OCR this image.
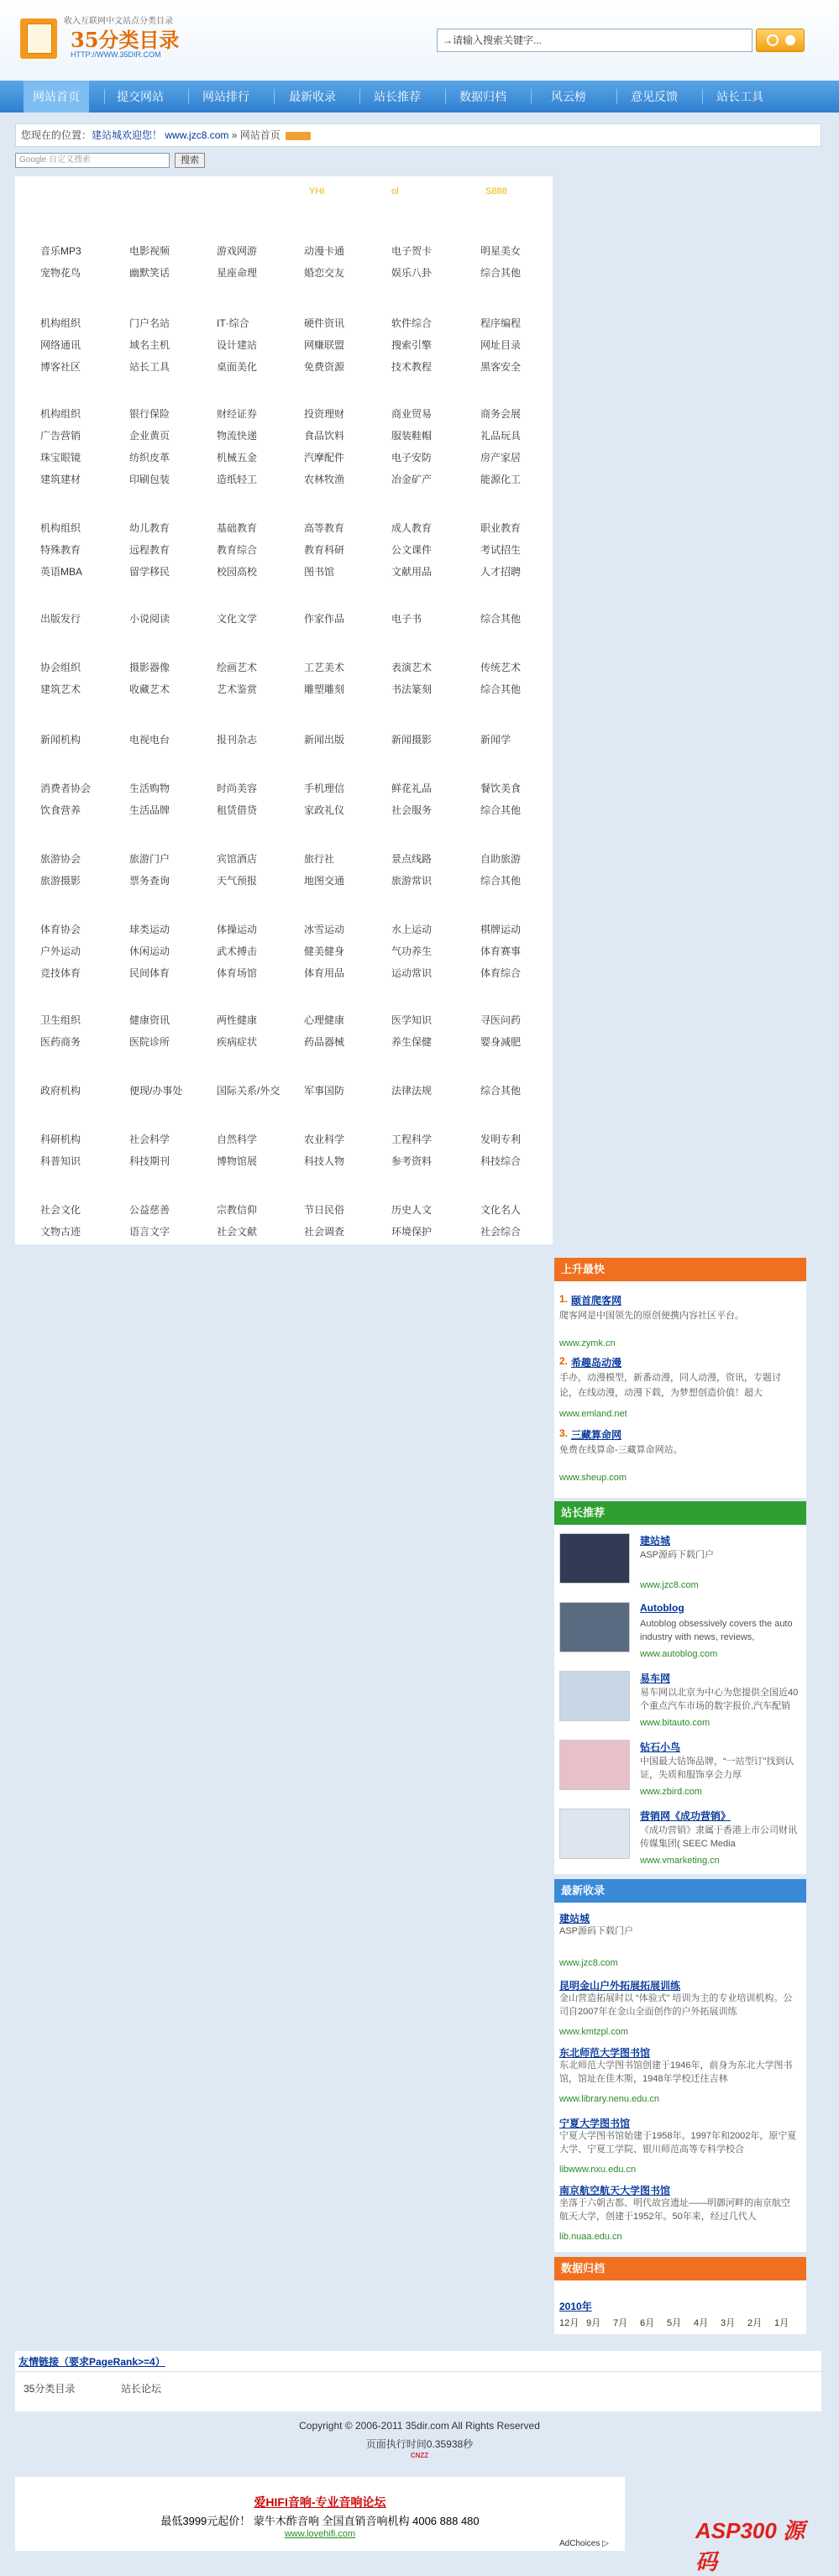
收入互联网中文站点分类目录
35分类目录
HTTP://WWW.35DIR.COM
→请输入搜索关键字...
网站首页	提交网站	网站排行	最新收录	站长推荐	数据归档	风云榜	意见反馈	站长工具
您现在的位置：建站城欢迎您！ www.jzc8.com » 网站首页
Google 自定义搜索	搜索
YHI	ol	S888
音乐MP3	电影视频	游戏网游	动漫卡通	电子贺卡	明星美女
宠物花鸟	幽默笑话	星座命理	婚恋交友	娱乐八卦	综合其他
机构组织	门户名站	IT·综合	硬件资讯	软件综合	程序编程
网络通讯	域名主机	设计建站	网赚联盟	搜索引擎	网址目录
博客社区	站长工具	桌面美化	免费资源	技术教程	黑客安全
机构组织	银行保险	财经证券	投资理财	商业贸易	商务会展
广告营销	企业黄页	物流快递	食品饮料	服装鞋帽	礼品玩具
珠宝眼镜	纺织皮革	机械五金	汽摩配件	电子安防	房产家居
建筑建材	印刷包装	造纸轻工	农林牧渔	冶金矿产	能源化工
机构组织	幼儿教育	基础教育	高等教育	成人教育	职业教育
特殊教育	远程教育	教育综合	教育科研	公文课件	考试招生
英语MBA	留学移民	校园高校	图书馆	文献用品	人才招聘
出版发行	小说阅读	文化文学	作家作品	电子书	综合其他
协会组织	摄影器像	绘画艺术	工艺美术	表演艺术	传统艺术
建筑艺术	收藏艺术	艺术鉴赏	雕塑雕刻	书法篆刻	综合其他
新闻机构	电视电台	报刊杂志	新闻出版	新闻摄影	新闻学
消费者协会	生活购物	时尚美容	手机理信	鲜花礼品	餐饮美食
饮食营养	生活品牌	租赁借贷	家政礼仪	社会服务	综合其他
旅游协会	旅游门户	宾馆酒店	旅行社	景点线路	自助旅游
旅游摄影	票务查询	天气预报	地图交通	旅游常识	综合其他
体育协会	球类运动	体操运动	冰雪运动	水上运动	棋牌运动
户外运动	休闲运动	武术搏击	健美健身	气功养生	体育赛事
竞技体育	民间体育	体育场馆	体育用品	运动常识	体育综合
卫生组织	健康资讯	两性健康	心理健康	医学知识	寻医问药
医药商务	医院诊所	疾病症状	药品器械	养生保健	婴身减肥
政府机构	便现/办事处	国际关系/外交	军事国防	法律法规	综合其他
科研机构	社会科学	自然科学	农业科学	工程科学	发明专利
科普知识	科技期刊	博物馆展	科技人物	参考资料	科技综合
社会文化	公益慈善	宗教信仰	节日民俗	历史人文	文化名人
文物古迹	语言文字	社会文献	社会调查	环境保护	社会综合
上升最快
1. 颐首爬客网
爬客网是中国领先的原创便携内容社区平台。
www.zymk.cn
2. 希趣岛动漫
手办，动漫模型，新番动漫，同人动漫，资讯，专题讨论，在线动漫，动漫下载，为梦想创造价值！超大
www.emland.net
3. 三藏算命网
免费在线算命-三藏算命网站。
www.sheup.com
站长推荐
建站城
ASP源码下载门户
www.jzc8.com
Autoblog
Autoblog obsessively covers the auto industry with news, reviews,
www.autoblog.com
易车网
易车网以北京为中心为您提供全国近40个重点汽车市场的数字报价,汽车配销
www.bitauto.com
钻石小鸟
中国最大钻饰品牌，“一站型订”找到认证，失质和服饰享会力厚
www.zbird.com
营销网《成功营销》
《成功营销》隶属于香港上市公司财讯传媒集团( SEEC Media
www.vmarketing.cn
最新收录
建站城
ASP源码下载门户
www.jzc8.com
昆明金山户外拓展拓展训练
金山营造拓展时以 “体验式” 培训为主的专业培训机构。公司自2007年在金山全面创作的户外拓展训练
www.kmtzpl.com
东北师范大学图书馆
东北师范大学图书馆创建于1946年，前身为东北大学图书馆，馆址在佳木斯，1948年学校迁往吉林
www.library.nenu.edu.cn
宁夏大学图书馆
宁夏大学图书馆始建于1958年。1997年和2002年，原宁夏大学、宁夏工学院、银川师范高等专科学校合
libwww.nxu.edu.cn
南京航空航天大学图书馆
坐落于六朝古都、明代故宫遗址——明御河畔的南京航空航天大学，创建于1952年。50年来，经过几代人
lib.nuaa.edu.cn
数据归档
2010年
12月 9月 7月 6月 5月 4月 3月 2月 1月
友情链接（要求PageRank>=4）
35分类目录	站长论坛
Copyright © 2006-2011 35dir.com All Rights Reserved
页面执行时间0.35938秒
CNZZ
爱HIFI音响-专业音响论坛
最低3999元起价！ 蒙牛木酢音响 全国直销音响机构 4006 888 480
www.lovehifi.com
AdChoices ▷
ASP300 源码
